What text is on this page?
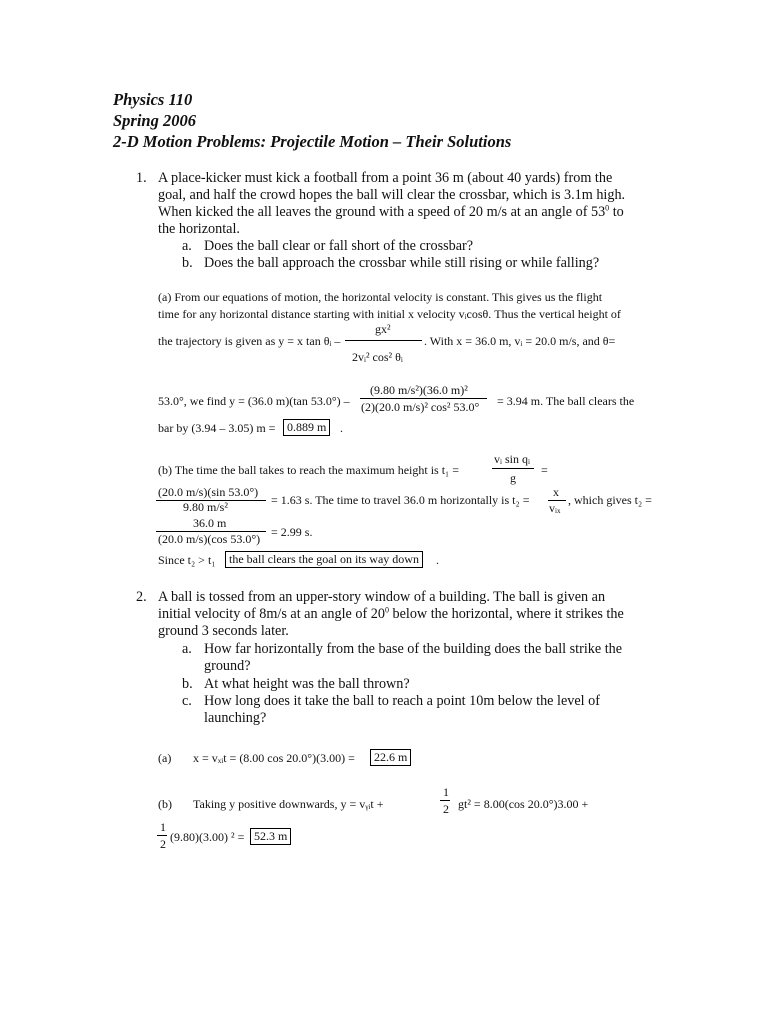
Physics 110
Spring 2006
2-D Motion Problems: Projectile Motion – Their Solutions
1. A place-kicker must kick a football from a point 36 m (about 40 yards) from the
goal, and half the crowd hopes the ball will clear the crossbar, which is 3.1m high.
When kicked the all leaves the ground with a speed of 20 m/s at an angle of $53^0$ to
the horizontal.
a. Does the ball clear or fall short of the crossbar?
b. Does the ball approach the crossbar while still rising or while falling?
(a) From our equations of motion, the horizontal velocity is constant. This gives us the flight
time for any horizontal distance starting with initial x velocity vᵢcosθ. Thus the vertical height of
the trajectory is given as y = x tan θᵢ –
gx²
2vᵢ² cos² θᵢ
. With x = 36.0 m, vᵢ = 20.0 m/s, and θ=
53.0°, we find y = (36.0 m)(tan 53.0°) –
(9.80 m/s²)(36.0 m)²
(2)(20.0 m/s)² cos² 53.0° = 3.94 m. The ball clears the
bar by (3.94 – 3.05) m = 0.889 m	.
(b) The time the ball takes to reach the maximum height is t₁ =
vᵢ sin qᵢ
g
=
(20.0 m/s)(sin 53.0°)
9.80 m/s²	= 1.63 s. The time to travel 36.0 m horizontally is t₂ =
x
vᵢₓ
, which gives t₂ =
36.0 m
(20.0 m/s)(cos 53.0°) = 2.99 s.
Since t₂ > t₁	the ball clears the goal on its way down	.
2. A ball is tossed from an upper-story window of a building. The ball is given an
initial velocity of 8m/s at an angle of $20^0$ below the horizontal, where it strikes the
ground 3 seconds later.
a. How far horizontally from the base of the building does the ball strike the
ground?
b. At what height was the ball thrown?
c. How long does it take the ball to reach a point 10m below the level of
launching?
(a) x = vₓᵢt = (8.00 cos 20.0°)(3.00) =	22.6 m
(b) Taking y positive downwards, y = vᵧᵢt +
1
2 gt² = 8.00(cos 20.0°)3.00 +
1
2 (9.80)(3.00) ² = 52.3 m
